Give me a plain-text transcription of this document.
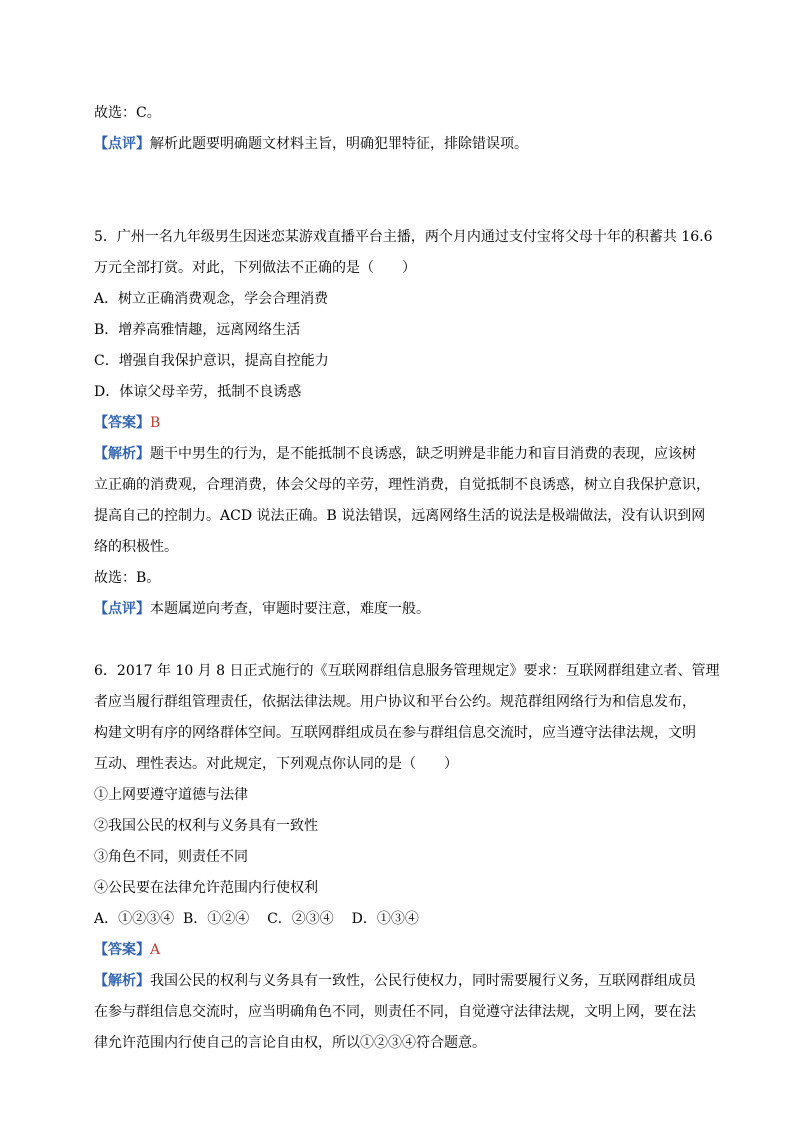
故选：C。
【点评】解析此题要明确题文材料主旨，明确犯罪特征，排除错误项。
5．广州一名九年级男生因迷恋某游戏直播平台主播，两个月内通过支付宝将父母十年的积蓄共 16.6
万元全部打赏。对此，下列做法不正确的是（　　）
A．树立正确消费观念，学会合理消费
B．增养高雅情趣，远离网络生活
C．增强自我保护意识，提高自控能力
D．体谅父母辛劳，抵制不良诱惑
【答案】B
【解析】题干中男生的行为，是不能抵制不良诱惑，缺乏明辨是非能力和盲目消费的表现，应该树
立正确的消费观，合理消费，体会父母的辛劳，理性消费，自觉抵制不良诱惑，树立自我保护意识，
提高自己的控制力。ACD 说法正确。B 说法错误，远离网络生活的说法是极端做法，没有认识到网
络的积极性。
故选：B。
【点评】本题属逆向考查，审题时要注意，难度一般。
6．2017 年 10 月 8 日正式施行的《互联网群组信息服务管理规定》要求：互联网群组建立者、管理
者应当履行群组管理责任，依据法律法规。用户协议和平台公约。规范群组网络行为和信息发布，
构建文明有序的网络群体空间。互联网群组成员在参与群组信息交流时，应当遵守法律法规，文明
互动、理性表达。对此规定，下列观点你认同的是（　　）
①上网要遵守道德与法律
②我国公民的权利与义务具有一致性
③角色不同，则责任不同
④公民要在法律允许范围内行使权利
A．①②③④  B．①②④    C．②③④    D．①③④
【答案】A
【解析】我国公民的权利与义务具有一致性，公民行使权力，同时需要履行义务，互联网群组成员
在参与群组信息交流时，应当明确角色不同，则责任不同，自觉遵守法律法规，文明上网，要在法
律允许范围内行使自己的言论自由权，所以①②③④符合题意。
